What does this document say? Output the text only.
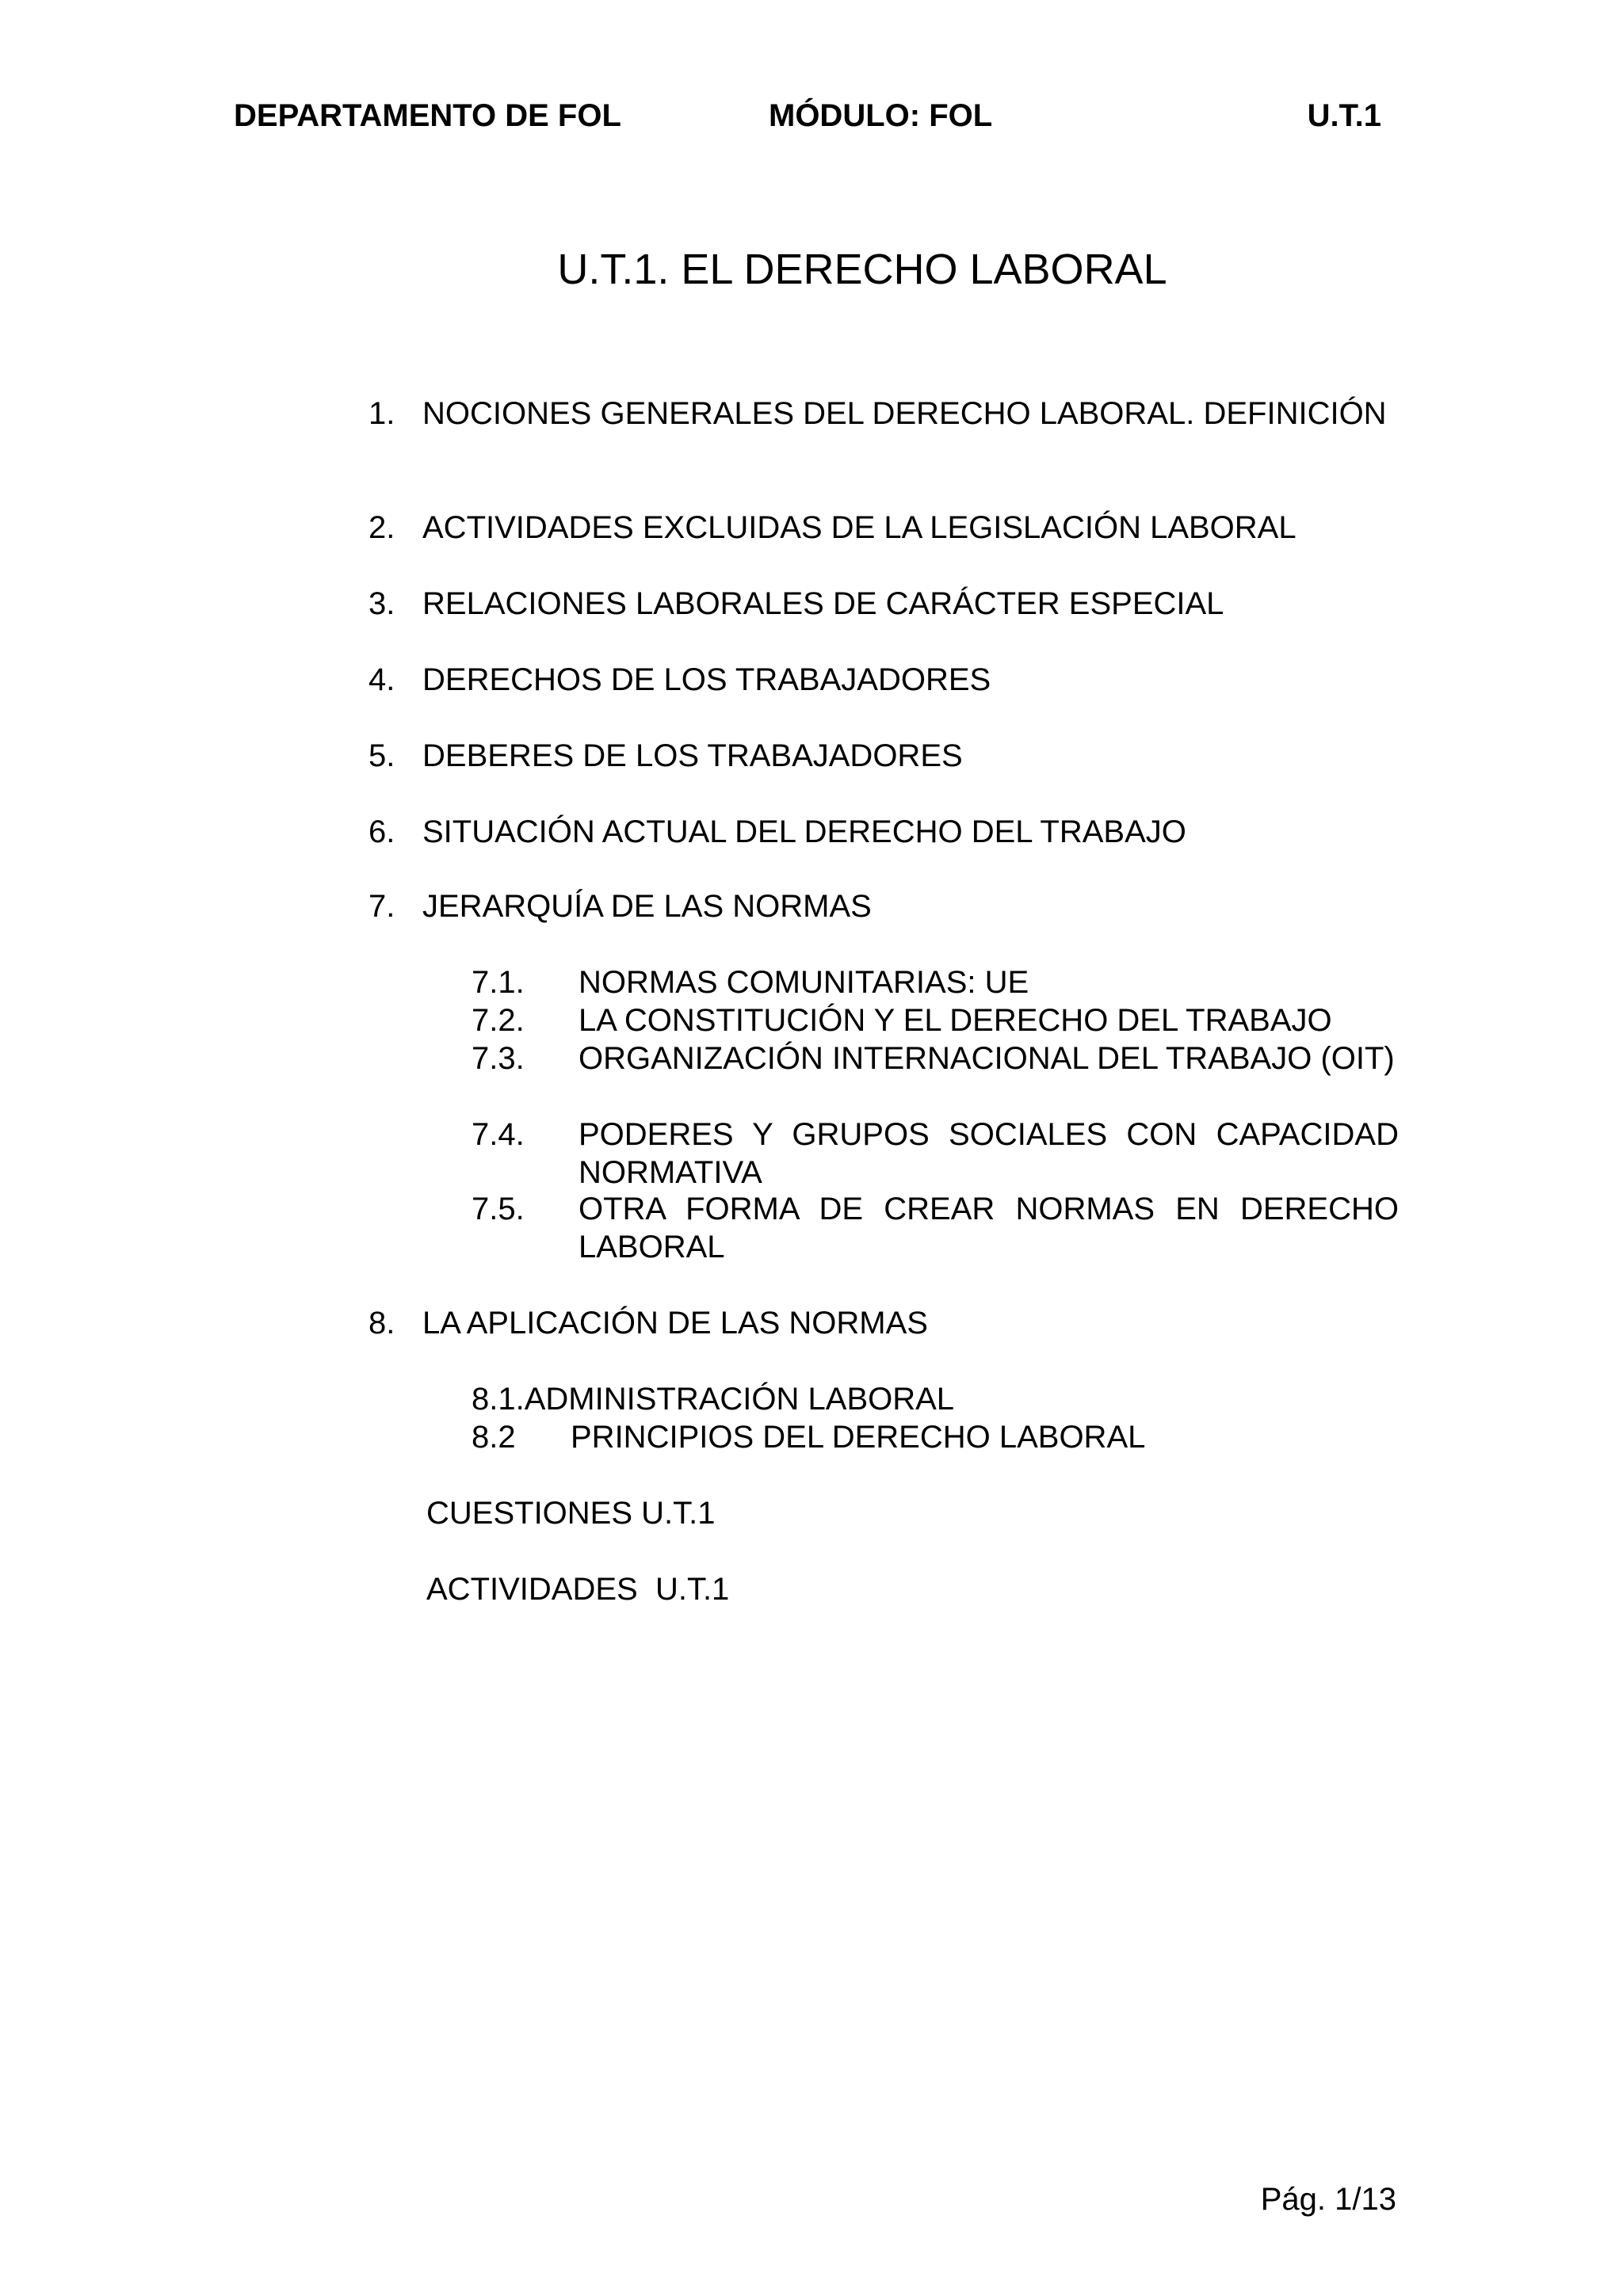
DEPARTAMENTO DE FOL	MÓDULO: FOL	U.T.1
U.T.1. EL DERECHO LABORAL
1. NOCIONES GENERALES DEL DERECHO LABORAL. DEFINICIÓN
2. ACTIVIDADES EXCLUIDAS DE LA LEGISLACIÓN LABORAL
3. RELACIONES LABORALES DE CARÁCTER ESPECIAL
4. DERECHOS DE LOS TRABAJADORES
5. DEBERES DE LOS TRABAJADORES
6. SITUACIÓN ACTUAL DEL DERECHO DEL TRABAJO
7. JERARQUÍA DE LAS NORMAS
7.1. NORMAS COMUNITARIAS: UE
7.2. LA CONSTITUCIÓN Y EL DERECHO DEL TRABAJO
7.3. ORGANIZACIÓN INTERNACIONAL DEL TRABAJO (OIT)
7.4. PODERES Y GRUPOS SOCIALES CON CAPACIDAD NORMATIVA
7.5. OTRA FORMA DE CREAR NORMAS EN DERECHO LABORAL
8. LA APLICACIÓN DE LAS NORMAS
8.1.ADMINISTRACIÓN LABORAL
8.2 PRINCIPIOS DEL DERECHO LABORAL
CUESTIONES U.T.1
ACTIVIDADES  U.T.1
Pág. 1/13
